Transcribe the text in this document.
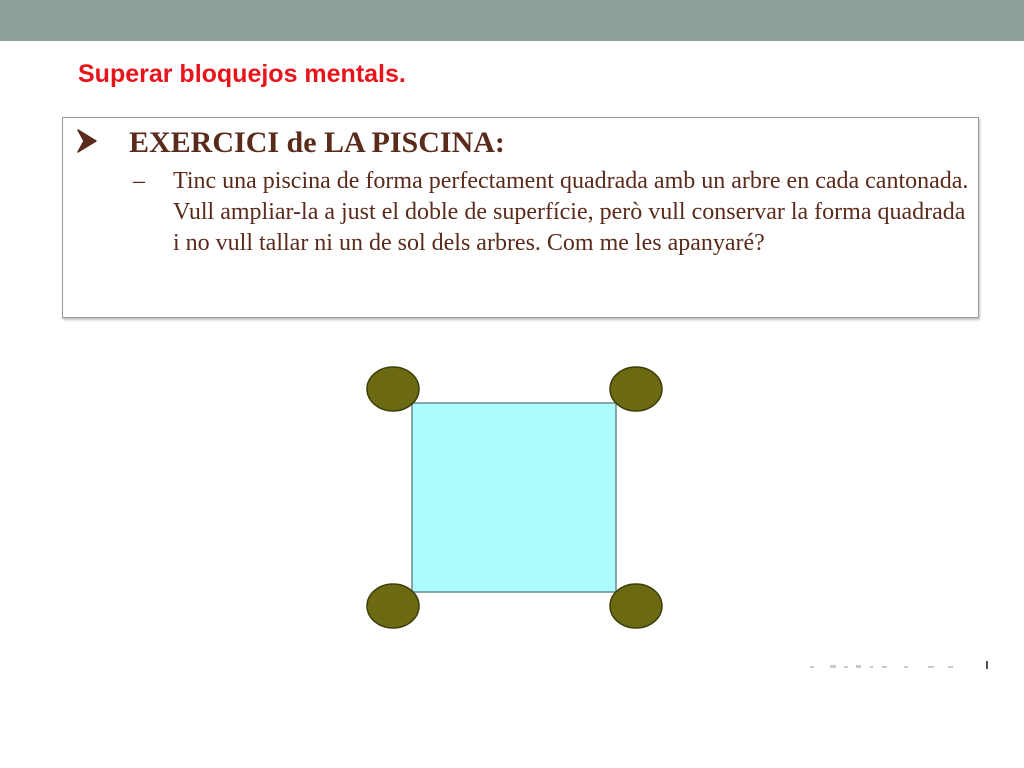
Superar bloquejos mentals.
EXERCICI de LA PISCINA:
– Tinc una piscina de forma perfectament quadrada amb un arbre en cada cantonada. Vull ampliar-la a just el doble de superfície, però vull conservar la forma quadrada i no vull tallar ni un de sol dels arbres. Com me les apanyaré?
